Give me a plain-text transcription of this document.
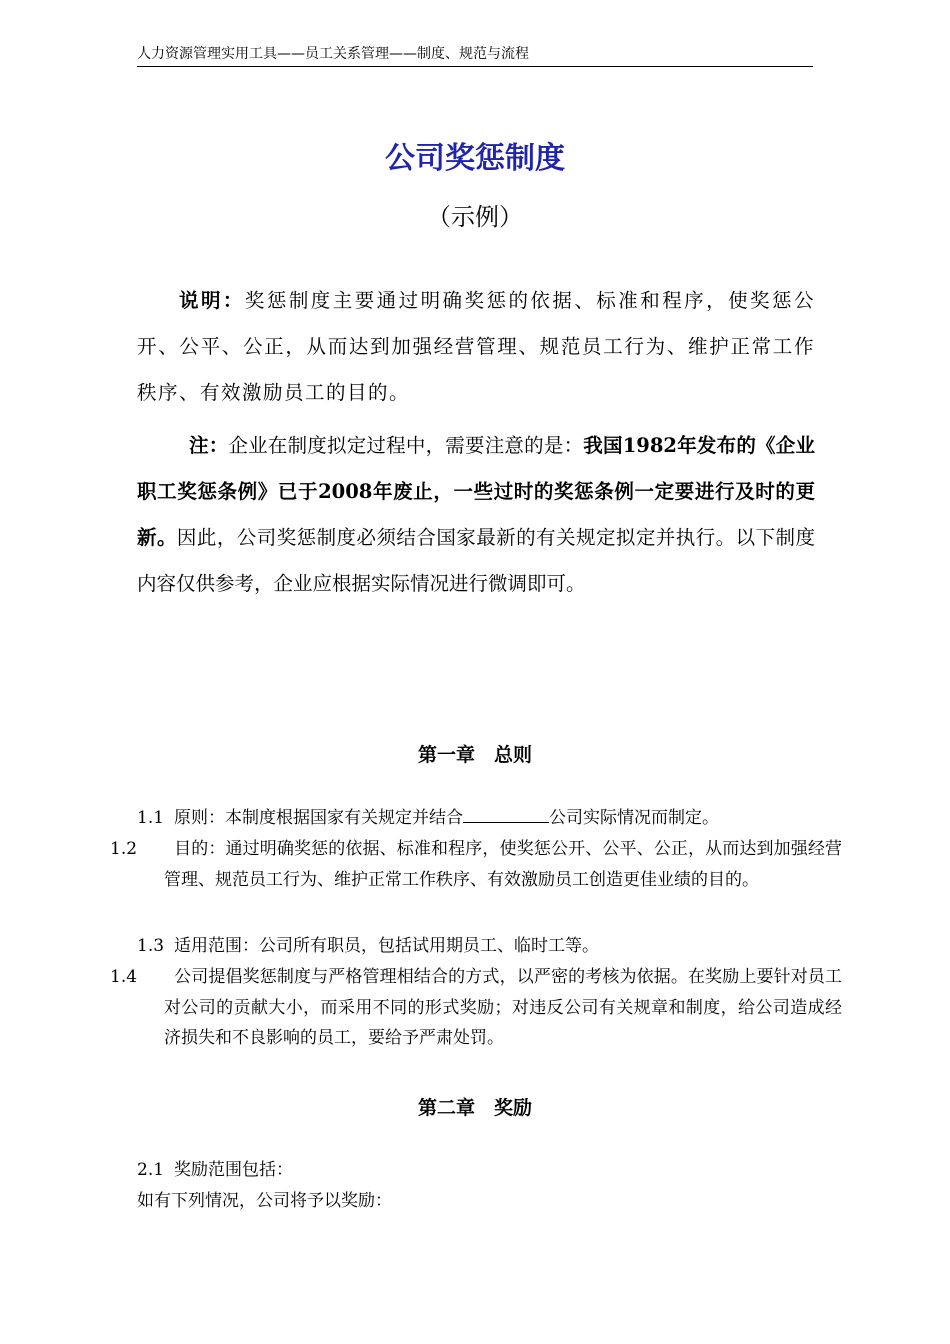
人力资源管理实用工具——员工关系管理——制度、规范与流程
公司奖惩制度
（示例）
说明：奖惩制度主要通过明确奖惩的依据、标准和程序，使奖惩公开、公平、公正，从而达到加强经营管理、规范员工行为、维护正常工作秩序、有效激励员工的目的。
注：企业在制度拟定过程中，需要注意的是：我国1982年发布的《企业职工奖惩条例》已于2008年废止，一些过时的奖惩条例一定要进行及时的更新。因此，公司奖惩制度必须结合国家最新的有关规定拟定并执行。以下制度内容仅供参考，企业应根据实际情况进行微调即可。
第一章　总则
1.1 原则：本制度根据国家有关规定并结合	公司实际情况而制定。
1.2 目的：通过明确奖惩的依据、标准和程序，使奖惩公开、公平、公正，从而达到加强经营管理、规范员工行为、维护正常工作秩序、有效激励员工创造更佳业绩的目的。
1.3 适用范围：公司所有职员，包括试用期员工、临时工等。
1.4 公司提倡奖惩制度与严格管理相结合的方式，以严密的考核为依据。在奖励上要针对员工对公司的贡献大小，而采用不同的形式奖励；对违反公司有关规章和制度，给公司造成经济损失和不良影响的员工，要给予严肃处罚。
第二章　奖励
2.1 奖励范围包括：
如有下列情况，公司将予以奖励：
